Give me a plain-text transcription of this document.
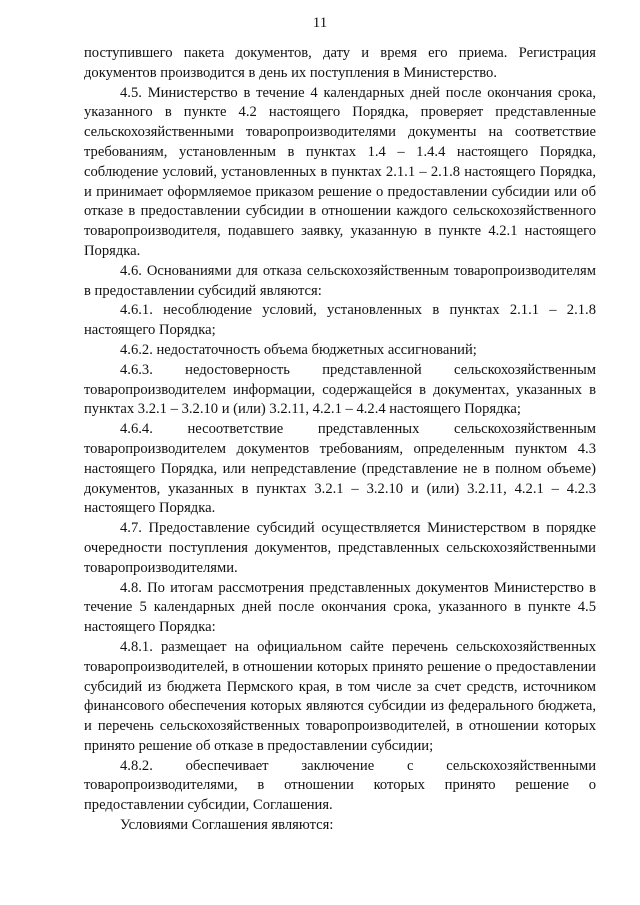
11

поступившего пакета документов, дату и время его приема. Регистрация документов производится в день их поступления в Министерство.

4.5. Министерство в течение 4 календарных дней после окончания срока, указанного в пункте 4.2 настоящего Порядка, проверяет представленные сельскохозяйственными товаропроизводителями документы на соответствие требованиям, установленным в пунктах 1.4 – 1.4.4 настоящего Порядка, соблюдение условий, установленных в пунктах 2.1.1 – 2.1.8 настоящего Порядка, и принимает оформляемое приказом решение о предоставлении субсидии или об отказе в предоставлении субсидии в отношении каждого сельскохозяйственного товаропроизводителя, подавшего заявку, указанную в пункте 4.2.1 настоящего Порядка.

4.6. Основаниями для отказа сельскохозяйственным товаропроизводителям в предоставлении субсидий являются:

4.6.1. несоблюдение условий, установленных в пунктах 2.1.1 – 2.1.8 настоящего Порядка;

4.6.2. недостаточность объема бюджетных ассигнований;

4.6.3. недостоверность представленной сельскохозяйственным товаропроизводителем информации, содержащейся в документах, указанных в пунктах 3.2.1 – 3.2.10 и (или) 3.2.11, 4.2.1 – 4.2.4 настоящего Порядка;

4.6.4. несоответствие представленных сельскохозяйственным товаропроизводителем документов требованиям, определенным пунктом 4.3 настоящего Порядка, или непредставление (представление не в полном объеме) документов, указанных в пунктах 3.2.1 – 3.2.10 и (или) 3.2.11, 4.2.1 – 4.2.3 настоящего Порядка.

4.7. Предоставление субсидий осуществляется Министерством в порядке очередности поступления документов, представленных сельскохозяйственными товаропроизводителями.

4.8. По итогам рассмотрения представленных документов Министерство в течение 5 календарных дней после окончания срока, указанного в пункте 4.5 настоящего Порядка:

4.8.1. размещает на официальном сайте перечень сельскохозяйственных товаропроизводителей, в отношении которых принято решение о предоставлении субсидий из бюджета Пермского края, в том числе за счет средств, источником финансового обеспечения которых являются субсидии из федерального бюджета, и перечень сельскохозяйственных товаропроизводителей, в отношении которых принято решение об отказе в предоставлении субсидии;

4.8.2. обеспечивает заключение с сельскохозяйственными товаропроизводителями, в отношении которых принято решение о предоставлении субсидии, Соглашения.

Условиями Соглашения являются:
